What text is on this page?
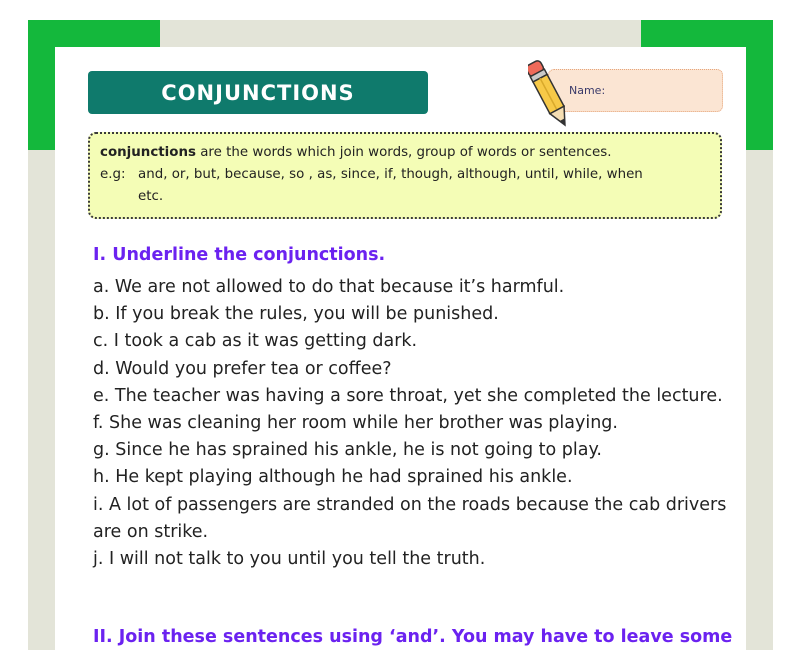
CONJUNCTIONS	Name:
conjunctions are the words which join words, group of words or sentences.
e.g: and, or, but, because, so , as, since, if, though, although, until, while, when
etc.
I. Underline the conjunctions.
a. We are not allowed to do that because it’s harmful.
b. If you break the rules, you will be punished.
c. I took a cab as it was getting dark.
d. Would you prefer tea or coffee?
e. The teacher was having a sore throat, yet she completed the lecture.
f. She was cleaning her room while her brother was playing.
g. Since he has sprained his ankle, he is not going to play.
h. He kept playing although he had sprained his ankle.
i. A lot of passengers are stranded on the roads because the cab drivers are on strike.
j. I will not talk to you until you tell the truth.
II. Join these sentences using ‘and’. You may have to leave some
